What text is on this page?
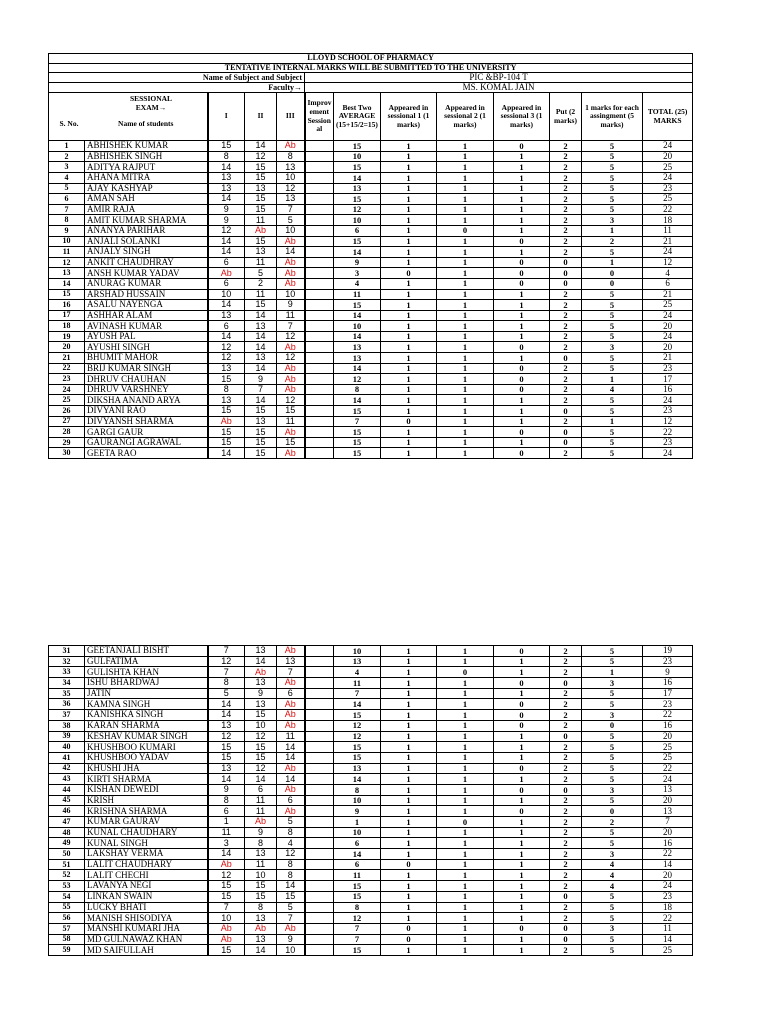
LLOYD SCHOOL OF PHARMACY												
TENTATIVE INTERNAL MARKS WILL BE SUBMITTED TO THE UNIVERSITY												
Name of Subject and Subject					PIC &BP-104 T							
Faculty→					MS. KOMAL JAIN							

SESSIONAL EXAM→
S. No. Name of students		I	II	III	Improv ement Session al	Best Two AVERAGE (15+15/2=15)	Appeared in sessional 1 (1 marks)	Appeared in sessional 2 (1 marks)	Appeared in sessional 3 (1 marks)	Put (2 marks)	1 marks for each assingment (5 marks)	TOTAL (25) MARKS
1	ABHISHEK KUMAR	15	14	Ab		15	1	1	0	2	5	24
2	ABHISHEK SINGH	8	12	8		10	1	1	1	2	5	20
3	ADITYA RAJPUT	14	15	13		15	1	1	1	2	5	25
4	AHANA MITRA	13	15	10		14	1	1	1	2	5	24
5	AJAY KASHYAP	13	13	12		13	1	1	1	2	5	23
6	AMAN SAH	14	15	13		15	1	1	1	2	5	25
7	AMIR RAJA	9	15	7		12	1	1	1	2	5	22
8	AMIT KUMAR SHARMA	9	11	5		10	1	1	1	2	3	18
9	ANANYA PARIHAR	12	Ab	10		6	1	0	1	2	1	11
10	ANJALI SOLANKI	14	15	Ab		15	1	1	0	2	2	21
11	ANJALY SINGH	14	13	14		14	1	1	1	2	5	24
12	ANKIT CHAUDHRAY	6	11	Ab		9	1	1	0	0	1	12
13	ANSH KUMAR YADAV	Ab	5	Ab		3	0	1	0	0	0	4
14	ANURAG KUMAR	6	2	Ab		4	1	1	0	0	0	6
15	ARSHAD HUSSAIN	10	11	10		11	1	1	1	2	5	21
16	ASALU NAYENGA	14	15	9		15	1	1	1	2	5	25
17	ASHHAR ALAM	13	14	11		14	1	1	1	2	5	24
18	AVINASH KUMAR	6	13	7		10	1	1	1	2	5	20
19	AYUSH PAL	14	14	12		14	1	1	1	2	5	24
20	AYUSHI SINGH	12	14	Ab		13	1	1	0	2	3	20
21	BHUMIT MAHOR	12	13	12		13	1	1	1	0	5	21
22	BRIJ KUMAR SINGH	13	14	Ab		14	1	1	0	2	5	23
23	DHRUV CHAUHAN	15	9	Ab		12	1	1	0	2	1	17
24	DHRUV VARSHNEY	8	7	Ab		8	1	1	0	2	4	16
25	DIKSHA ANAND ARYA	13	14	12		14	1	1	1	2	5	24
26	DIVYANI RAO	15	15	15		15	1	1	1	0	5	23
27	DIVYANSH SHARMA	Ab	13	11		7	0	1	1	2	1	12
28	GARGI GAUR	15	15	Ab		15	1	1	0	0	5	22
29	GAURANGI AGRAWAL	15	15	15		15	1	1	1	0	5	23
30	GEETA RAO	14	15	Ab		15	1	1	0	2	5	24
31	GEETANJALI BISHT	7	13	Ab		10	1	1	0	2	5	19
32	GULFATIMA	12	14	13		13	1	1	1	2	5	23
33	GULISHTA KHAN	7	Ab	7		4	1	0	1	2	1	9
34	ISHU BHARDWAJ	8	13	Ab		11	1	1	0	0	3	16
35	JATIN	5	9	6		7	1	1	1	2	5	17
36	KAMNA SINGH	14	13	Ab		14	1	1	0	2	5	23
37	KANISHKA SINGH	14	15	Ab		15	1	1	0	2	3	22
38	KARAN SHARMA	13	10	Ab		12	1	1	0	2	0	16
39	KESHAV KUMAR SINGH	12	12	11		12	1	1	1	0	5	20
40	KHUSHBOO KUMARI	15	15	14		15	1	1	1	2	5	25
41	KHUSHBOO YADAV	15	15	14		15	1	1	1	2	5	25
42	KHUSHI JHA	13	12	Ab		13	1	1	0	2	5	22
43	KIRTI SHARMA	14	14	14		14	1	1	1	2	5	24
44	KISHAN DEWEDI	9	6	Ab		8	1	1	0	0	3	13
45	KRISH	8	11	6		10	1	1	1	2	5	20
46	KRISHNA SHARMA	6	11	Ab		9	1	1	0	2	0	13
47	KUMAR GAURAV	1	Ab	5		1	1	0	1	2	2	7
48	KUNAL CHAUDHARY	11	9	8		10	1	1	1	2	5	20
49	KUNAL SINGH	3	8	4		6	1	1	1	2	5	16
50	LAKSHAY VERMA	14	13	12		14	1	1	1	2	3	22
51	LALIT CHAUDHARY	Ab	11	8		6	0	1	1	2	4	14
52	LALIT CHECHI	12	10	8		11	1	1	1	2	4	20
53	LAVANYA NEGI	15	15	14		15	1	1	1	2	4	24
54	LINKAN SWAIN	15	15	15		15	1	1	1	0	5	23
55	LUCKY BHATI	7	8	5		8	1	1	1	2	5	18
56	MANISH SHISODIYA	10	13	7		12	1	1	1	2	5	22
57	MANSHI KUMARI JHA	Ab	Ab	Ab		7	0	1	0	0	3	11
58	MD GULNAWAZ KHAN	Ab	13	9		7	0	1	1	0	5	14
59	MD SAIFULLAH	15	14	10		15	1	1	1	2	5	25
